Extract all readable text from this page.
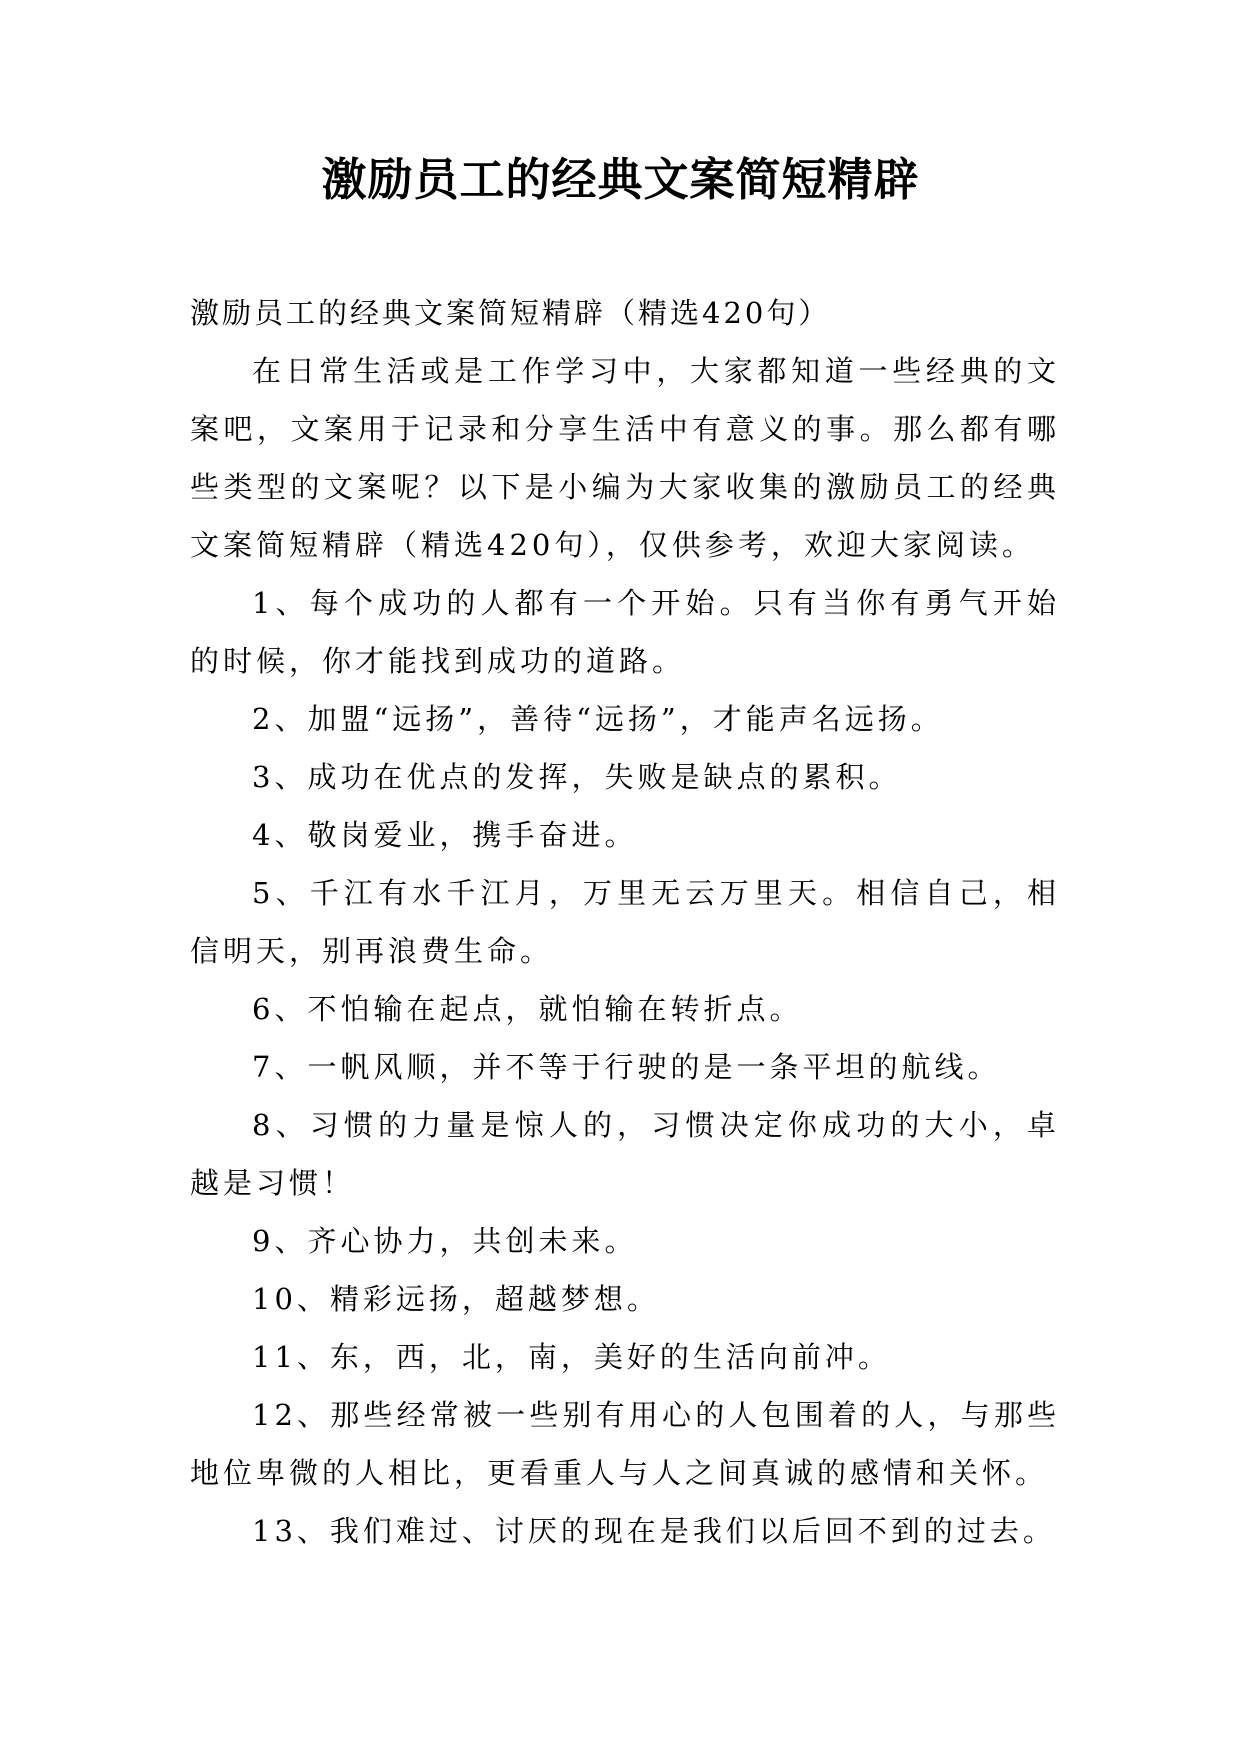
激励员工的经典文案简短精辟

激励员工的经典文案简短精辟（精选420句）

在日常生活或是工作学习中，大家都知道一些经典的文案吧，文案用于记录和分享生活中有意义的事。那么都有哪些类型的文案呢？以下是小编为大家收集的激励员工的经典文案简短精辟（精选420句），仅供参考，欢迎大家阅读。

1、每个成功的人都有一个开始。只有当你有勇气开始的时候，你才能找到成功的道路。

2、加盟“远扬”，善待“远扬”，才能声名远扬。

3、成功在优点的发挥，失败是缺点的累积。

4、敬岗爱业，携手奋进。

5、千江有水千江月，万里无云万里天。相信自己，相信明天，别再浪费生命。

6、不怕输在起点，就怕输在转折点。

7、一帆风顺，并不等于行驶的是一条平坦的航线。

8、习惯的力量是惊人的，习惯决定你成功的大小，卓越是习惯！

9、齐心协力，共创未来。

10、精彩远扬，超越梦想。

11、东，西，北，南，美好的生活向前冲。

12、那些经常被一些别有用心的人包围着的人，与那些地位卑微的人相比，更看重人与人之间真诚的感情和关怀。

13、我们难过、讨厌的现在是我们以后回不到的过去。
